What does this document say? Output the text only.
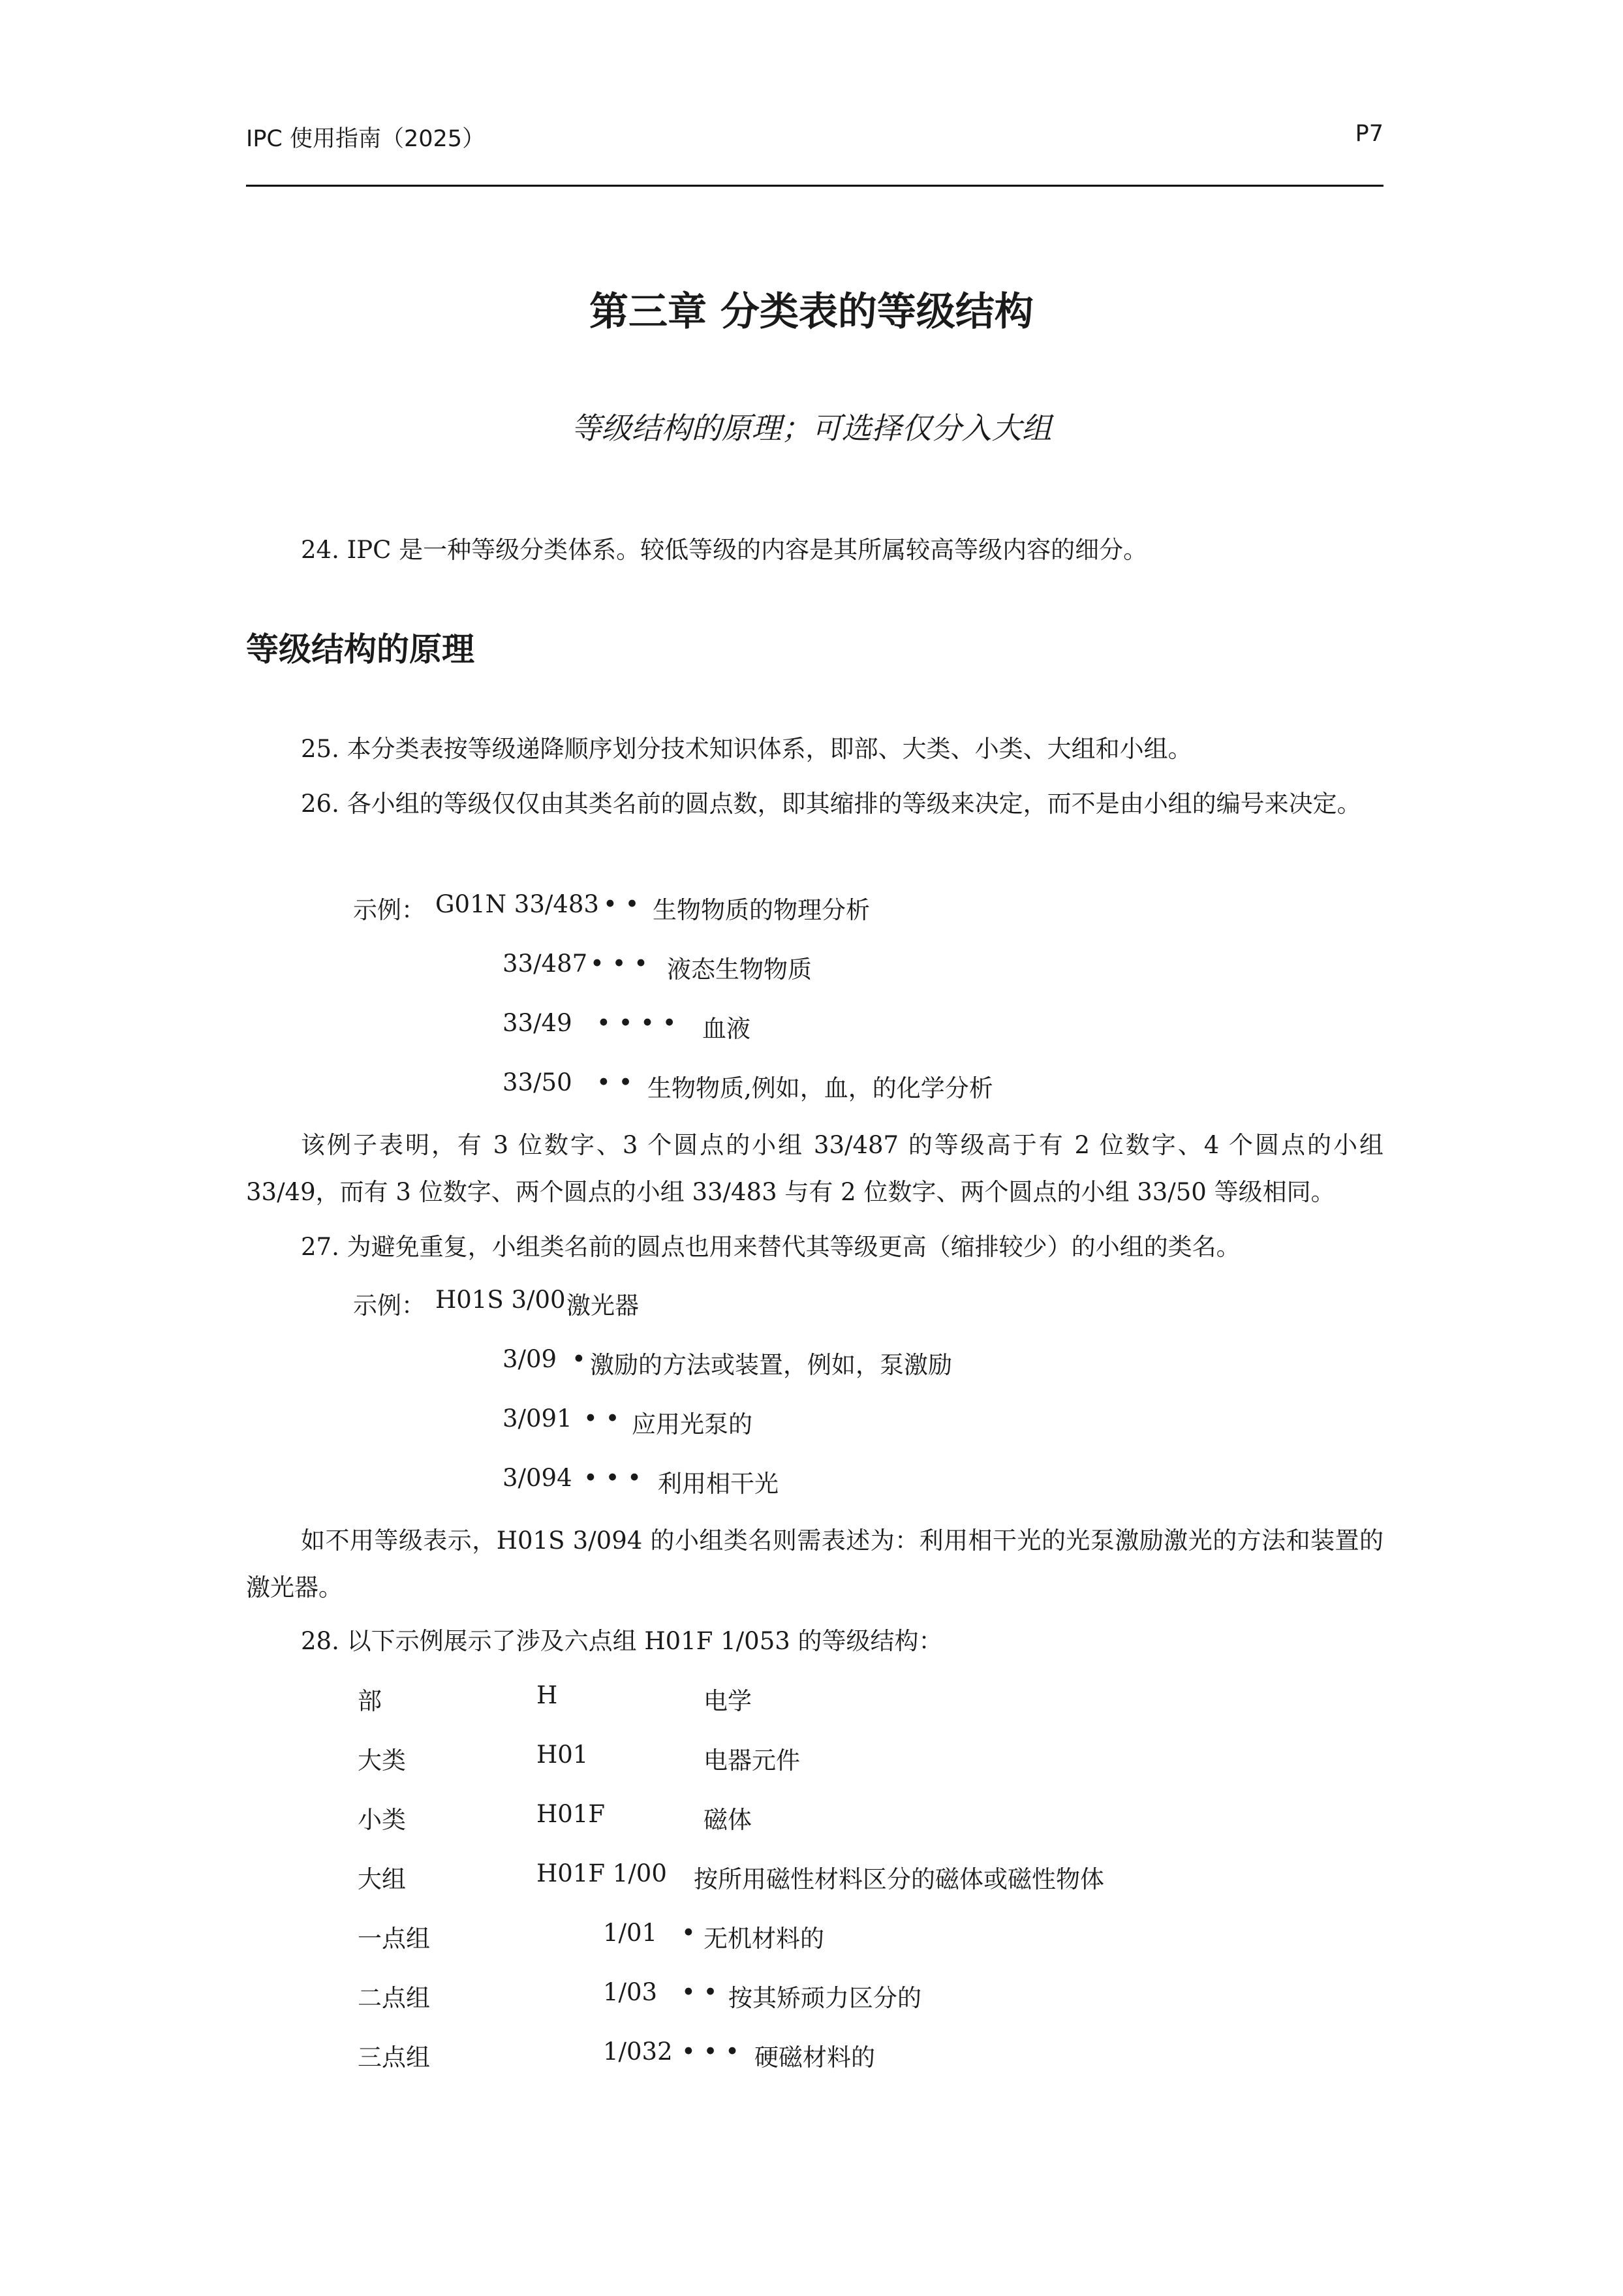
IPC 使用指南（2025）	P7
第三章 分类表的等级结构
等级结构的原理；可选择仅分入大组
24. IPC 是一种等级分类体系。较低等级的内容是其所属较高等级内容的细分。
等级结构的原理
25. 本分类表按等级递降顺序划分技术知识体系，即部、大类、小类、大组和小组。

26. 各小组的等级仅仅由其类名前的圆点数，即其缩排的等级来决定，而不是由小组的编号来决定。

示例： G01N 33/483 • • 生物物质的物理分析
33/487 • • • 液态生物物质
33/49 • • • • 血液
33/50 • • 生物物质,例如，血，的化学分析

该例子表明，有 3 位数字、3 个圆点的小组 33/487 的等级高于有 2 位数字、4 个圆点的小组 33/49，而有 3 位数字、两个圆点的小组 33/483 与有 2 位数字、两个圆点的小组 33/50 等级相同。

27. 为避免重复，小组类名前的圆点也用来替代其等级更高（缩排较少）的小组的类名。
示例： H01S 3/00 激光器
3/09 • 激励的方法或装置，例如，泵激励
3/091 • • 应用光泵的
3/094 • • • 利用相干光

如不用等级表示，H01S 3/094 的小组类名则需表述为：利用相干光的光泵激励激光的方法和装置的激光器。

28. 以下示例展示了涉及六点组 H01F 1/053 的等级结构：
部	H	电学
大类	H01	电器元件
小类	H01F	磁体
大组	H01F 1/00 按所用磁性材料区分的磁体或磁性物体
一点组	1/01 • 无机材料的
二点组	1/03 • • 按其矫顽力区分的
三点组	1/032 • • • 硬磁材料的
